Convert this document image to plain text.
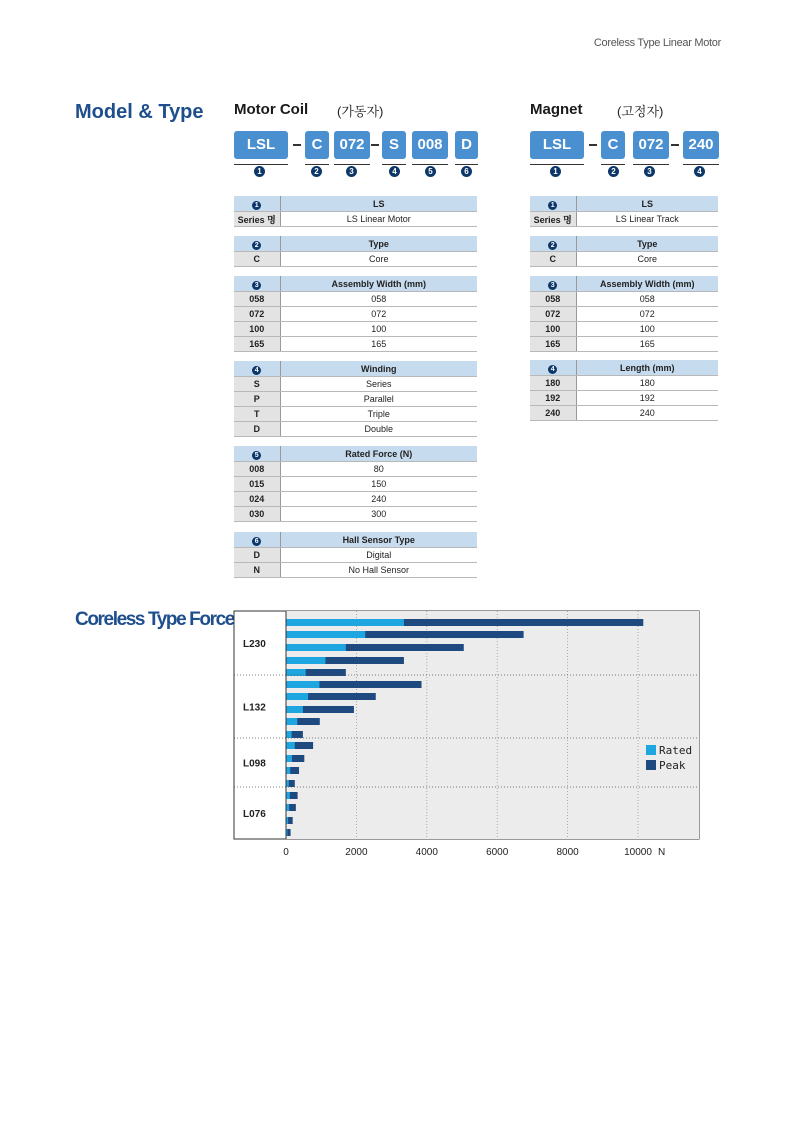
Coreless Type Linear Motor
Model & Type Motor Coil (가동자)
LSL	C	072	S	008	D
1	2	3	4	5	6
1	LS
Series 명	LS Linear Motor
2	Type
C	Core
3	Assembly Width (mm)
058	058
072	072
100	100
165	165
4	Winding
S	Series
P	Parallel
T	Triple
D	Double
5	Rated Force (N)
008	80
015	150
024	240
030	300
6	Hall Sensor Type
D	Digital
N	No Hall Sensor
Magnet	(고정자)
LSL	C	072	240
1	2	3	4
1	LS
Series 명	LS Linear Track
2	Type
C	Core
3	Assembly Width (mm)
058	058
072	072
100	100
165	165
4	Length (mm)
180	180
192	192
240	240
Coreless Type Force
L230
L132
L098
L076
0	2000	4000	6000	8000	10000 N
Rated
Peak
